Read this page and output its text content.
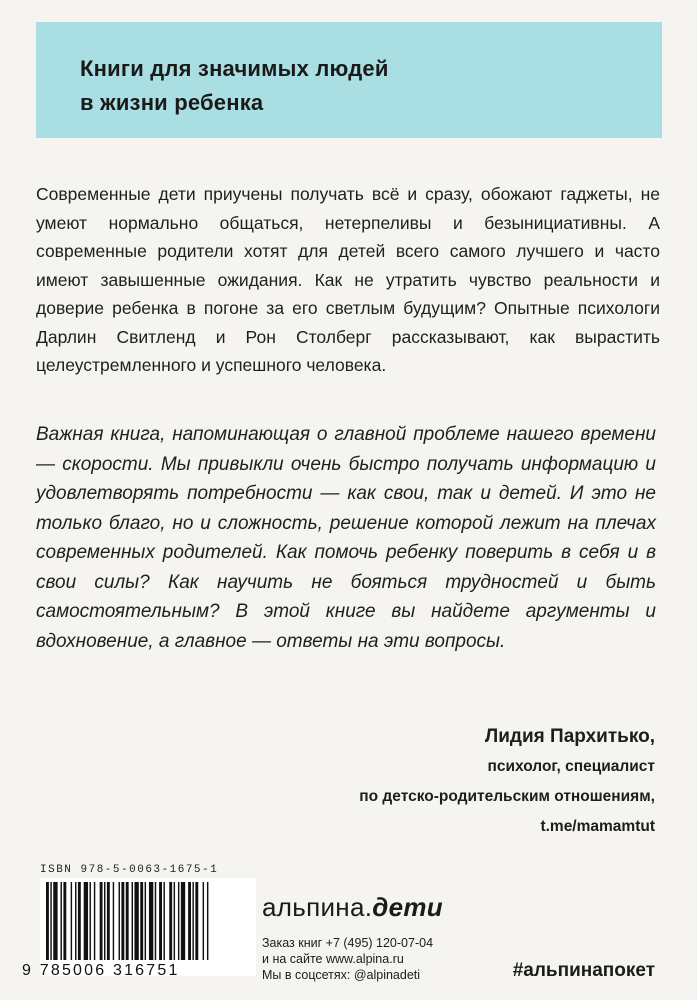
Книги для значимых людей
в жизни ребенка
Современные дети приучены получать всё и сразу, обожают гаджеты, не умеют нормально общаться, нетерпеливы и безынициативны. А современные родители хотят для детей всего самого лучшего и часто имеют завышенные ожидания. Как не утратить чувство реальности и доверие ребенка в погоне за его светлым будущим? Опытные психологи Дарлин Свитленд и Рон Столберг рассказывают, как вырастить целеустремленного и успешного человека.
Важная книга, напоминающая о главной проблеме нашего времени — скорости. Мы привыкли очень быстро получать информацию и удовлетворять потребности — как свои, так и детей. И это не только благо, но и сложность, решение которой лежит на плечах современных родителей. Как помочь ребенку поверить в себя и в свои силы? Как научить не бояться трудностей и быть самостоятельным? В этой книге вы найдете аргументы и вдохновение, а главное — ответы на эти вопросы.
Лидия Пархитько,
психолог, специалист
по детско-родительским отношениям,
t.me/mamamtut
ISBN 978-5-0063-1675-1
9 785006 316751
альпина.дети
Заказ книг +7 (495) 120-07-04
и на сайте www.alpina.ru
Мы в соцсетях: @alpinadeti	#альпинапокет
